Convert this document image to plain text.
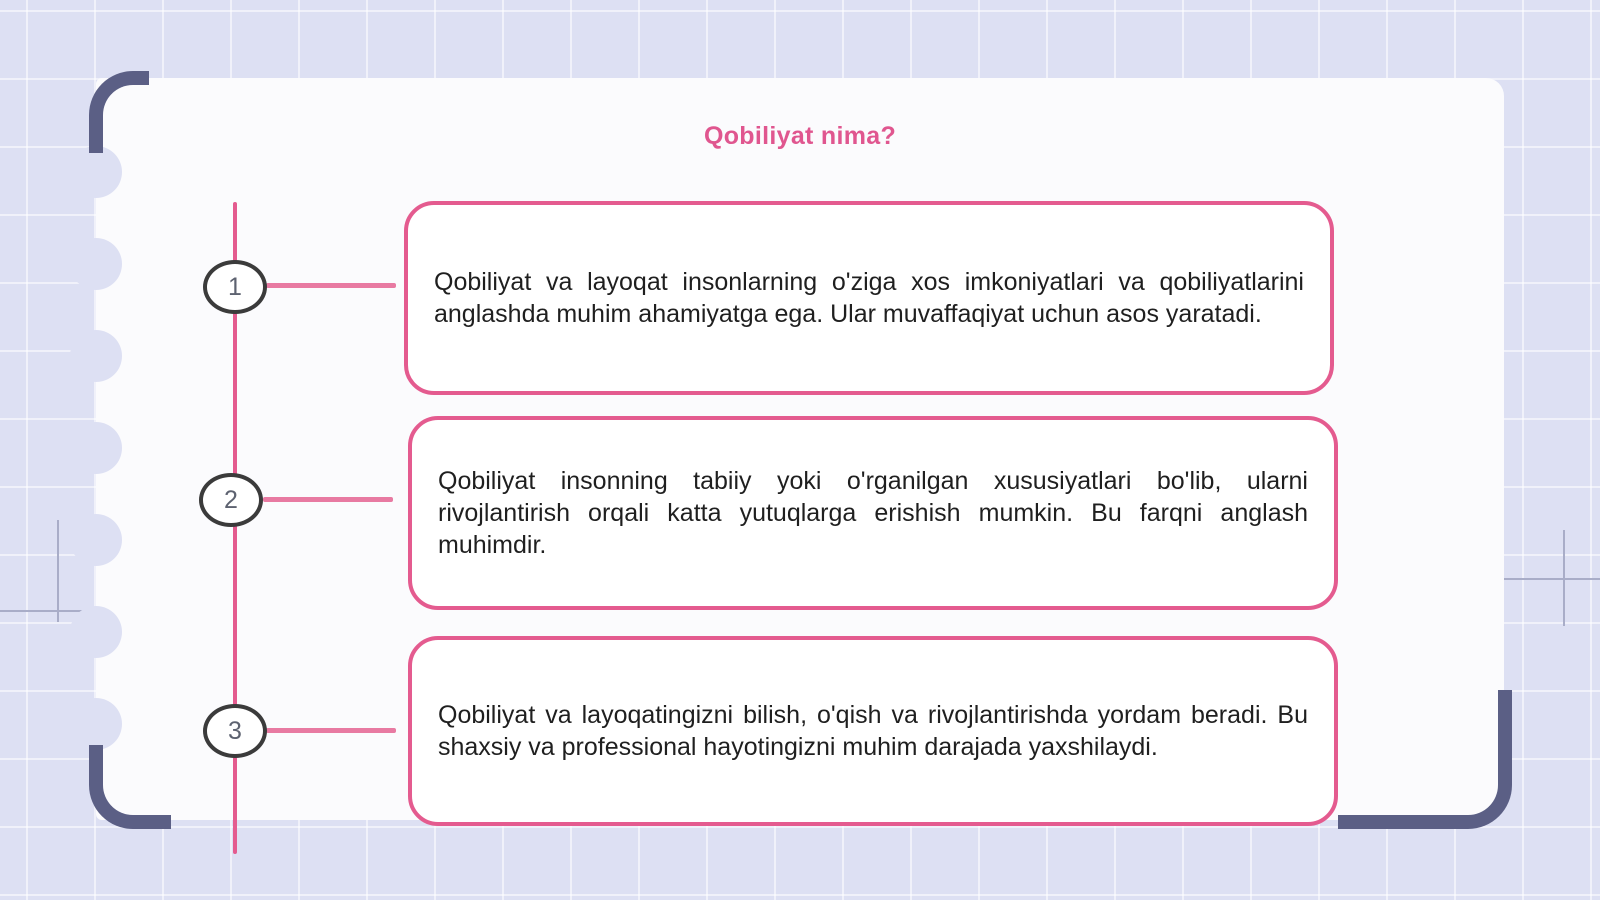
Qobiliyat nima?
1
2
3

Qobiliyat va layoqat insonlarning o'ziga xos imkoniyatlari va qobiliyatlarini anglashda muhim ahamiyatga ega. Ular muvaffaqiyat uchun asos yaratadi.

Qobiliyat insonning tabiiy yoki o'rganilgan xususiyatlari bo'lib, ularni rivojlantirish orqali katta yutuqlarga erishish mumkin. Bu farqni anglash muhimdir.

Qobiliyat va layoqatingizni bilish, o'qish va rivojlantirishda yordam beradi. Bu shaxsiy va professional hayotingizni muhim darajada yaxshilaydi.
